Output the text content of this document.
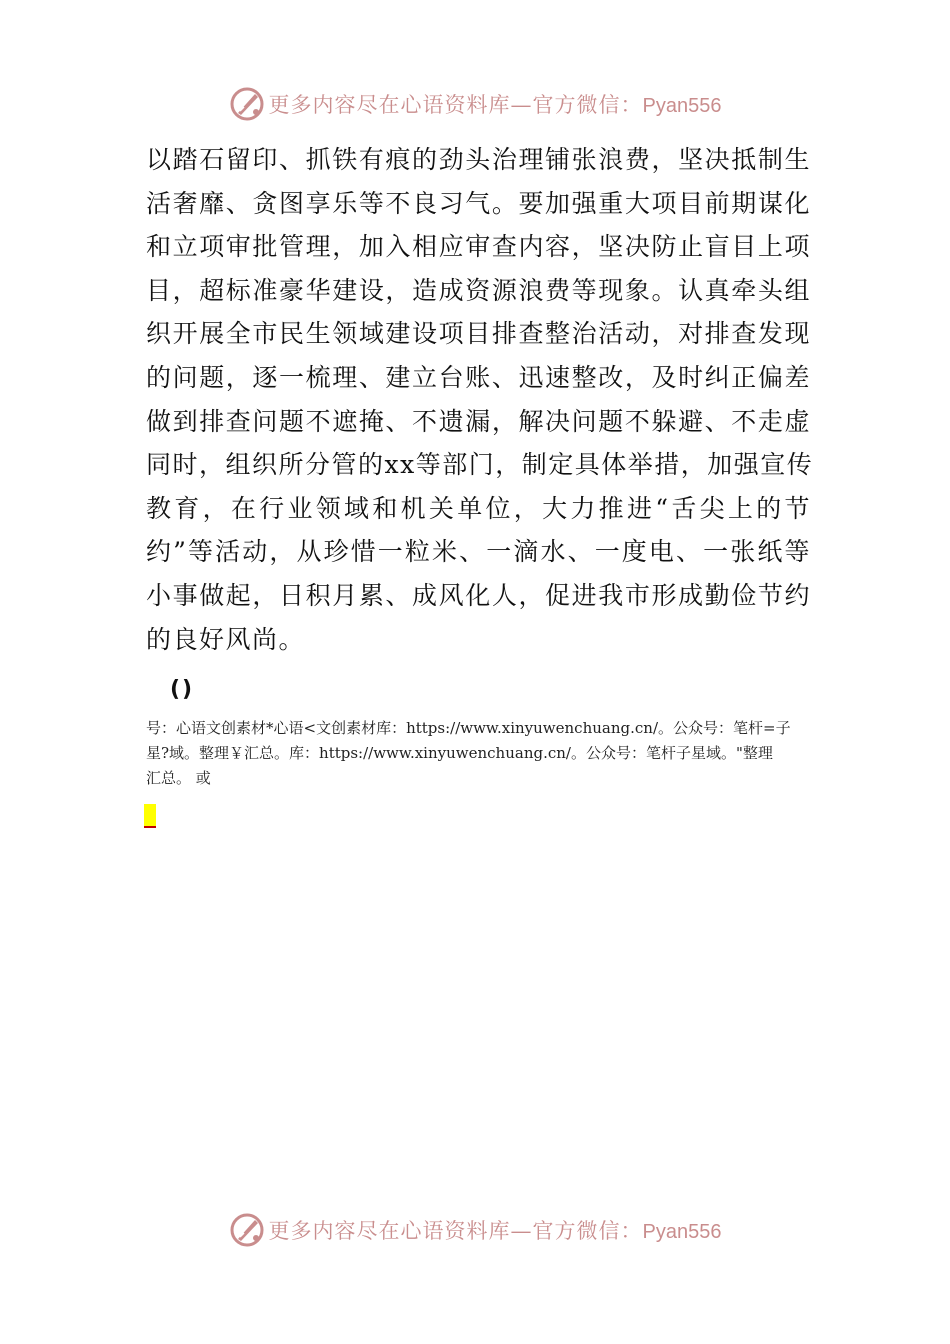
更多内容尽在心语资料库—官方微信：Pyan556
以踏石留印、抓铁有痕的劲头治理铺张浪费，坚决抵制生
活奢靡、贪图享乐等不良习气。要加强重大项目前期谋化
和立项审批管理，加入相应审查内容，坚决防止盲目上项
目，超标准豪华建设，造成资源浪费等现象。认真牵头组
织开展全市民生领域建设项目排查整治活动，对排查发现
的问题，逐一梳理、建立台账、迅速整改，及时纠正偏差
做到排查问题不遮掩、不遗漏，解决问题不躲避、不走虚
同时，组织所分管的xx等部门，制定具体举措，加强宣传
教育，在行业领域和机关单位，大力推进“舌尖上的节
约”等活动，从珍惜一粒米、一滴水、一度电、一张纸等
小事做起，日积月累、成风化人，促进我市形成勤俭节约
的良好风尚。
()
号：心语文创素材*心语<文创素材库：https://www.xinyuwenchuang.cn/。公众号：笔杆=子
星?域。整理￥汇总。库：https://www.xinyuwenchuang.cn/。公众号：笔杆子星域。"整理
汇总。 或
更多内容尽在心语资料库—官方微信：Pyan556
